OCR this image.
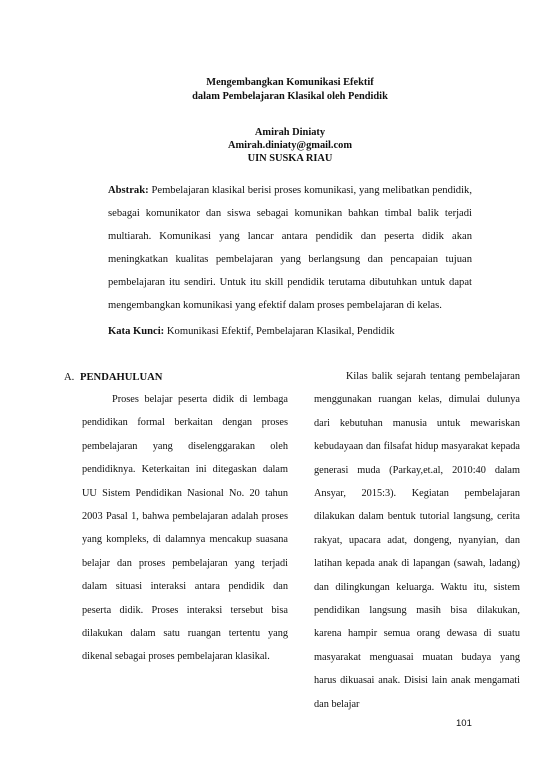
Mengembangkan Komunikasi Efektif
dalam Pembelajaran Klasikal oleh Pendidik
Amirah Diniaty
Amirah.diniaty@gmail.com
UIN SUSKA RIAU
Abstrak: Pembelajaran klasikal berisi proses komunikasi, yang melibatkan pendidik, sebagai komunikator dan siswa sebagai komunikan bahkan timbal balik terjadi multiarah. Komunikasi yang lancar antara pendidik dan peserta didik akan meningkatkan kualitas pembelajaran yang berlangsung dan pencapaian tujuan pembelajaran itu sendiri. Untuk itu skill pendidik terutama dibutuhkan untuk dapat mengembangkan komunikasi yang efektif dalam proses pembelajaran di kelas.
Kata Kunci: Komunikasi Efektif, Pembelajaran Klasikal, Pendidik
A. PENDAHULUAN

Proses belajar peserta didik di lembaga pendidikan formal berkaitan dengan proses pembelajaran yang diselenggarakan oleh pendidiknya. Keterkaitan ini ditegaskan dalam UU Sistem Pendidikan Nasional No. 20 tahun 2003 Pasal 1, bahwa pembelajaran adalah proses yang kompleks, di dalamnya mencakup suasana belajar dan proses pembelajaran yang terjadi dalam situasi interaksi antara pendidik dan peserta didik. Proses interaksi tersebut bisa dilakukan dalam satu ruangan tertentu yang dikenal sebagai proses pembelajaran klasikal.

Kilas balik sejarah tentang pembelajaran menggunakan ruangan kelas, dimulai dulunya dari kebutuhan manusia untuk mewariskan kebudayaan dan filsafat hidup masyarakat kepada generasi muda (Parkay,et.al, 2010:40 dalam Ansyar, 2015:3). Kegiatan pembelajaran dilakukan dalam bentuk tutorial langsung, cerita rakyat, upacara adat, dongeng, nyanyian, dan latihan kepada anak di lapangan (sawah, ladang) dan dilingkungan keluarga. Waktu itu, sistem pendidikan langsung masih bisa dilakukan, karena hampir semua orang dewasa di suatu masyarakat menguasai muatan budaya yang harus dikuasai anak. Disisi lain anak mengamati dan belajar

101
